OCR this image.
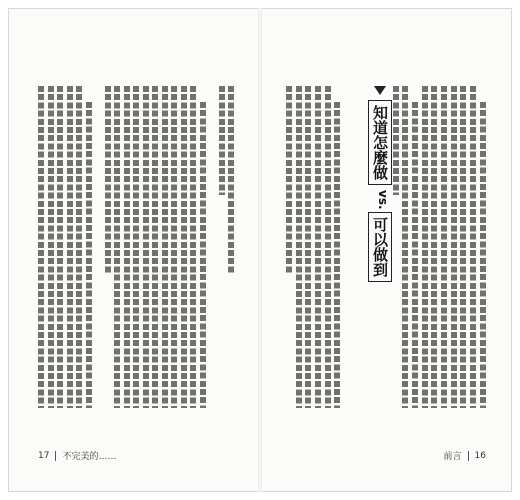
17 不完美的……
知道怎麼做
vs.
可以做到
前言 16
